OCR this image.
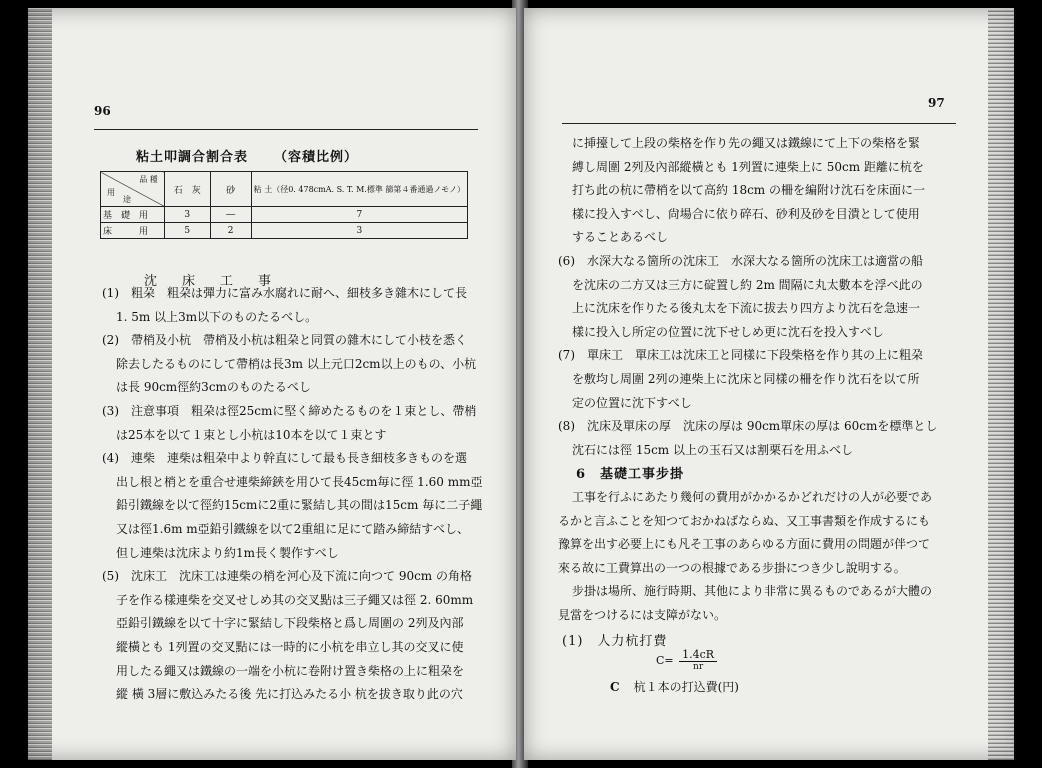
96
粘土叩調合割合表 （容積比例）
品 種
用
途	石　灰	砂	粘 土（径0. 478cmA. S. T. M.標準 篩第４番通過ノモノ）
基　礎　用	3	―	7
床　　　用	5	2	3
沈　床　工　事
(1)　粗朶　粗朶は彈力に富み水腐れに耐へ、細枝多き雜木にして長
1. 5m 以上3m以下のものたるべし。
(2)　帶梢及小杭　帶梢及小杭は粗朶と同質の雜木にして小枝を悉く
除去したるものにして帶梢は長3m 以上元口2cm以上のもの、小杭
は長 90cm徑約3cmのものたるべし
(3)　注意事項　粗朶は徑25cmに堅く締めたるものを１束とし、帶梢
は25本を以て１束とし小杭は10本を以て１束とす
(4)　連柴　連柴は粗朶中より幹直にして最も長き細枝多きものを選
出し根と梢とを重合せ連柴締鋏を用ひて長45cm毎に徑 1.60 mm亞
鉛引鐵線を以て徑約15cmに2重に緊結し其の間は15cm 毎に二子繩
又は徑1.6m m亞鉛引鐵線を以て2重組に足にて踏み締結すべし、
但し連柴は沈床より約1m長く製作すべし
(5)　沈床工　沈床工は連柴の梢を河心及下流に向つて 90cm の角格
子を作る樣連柴を交叉せしめ其の交叉點は三子繩又は徑 2. 60mm
亞鉛引鐵線を以て十字に緊結し下段柴格と爲し周圍の 2列及內部
縱橫とも 1列置の交叉點には一時的に小杭を串立し其の交叉に使
用したる繩又は鐵線の一端を小杭に卷附け置き柴格の上に粗朶を
縱 橫 3層に敷込みたる後 先に打込みたる小 杭を拔き取り此の穴
97
に挿擡して上段の柴格を作り先の繩又は鐵線にて上下の柴格を緊
縛し周圍 2列及內部縱橫とも 1列置に連柴上に 50cm 距離に杭を
打ち此の杭に帶梢を以て高約 18cm の柵を編附け沈石を床面に一
樣に投入すべし、尙場合に依り碎石、砂利及砂を目潰として使用
することあるべし
(6)　水深大なる箇所の沈床工　水深大なる箇所の沈床工は適當の船
を沈床の二方又は三方に碇置し約 2m 間隔に丸太數本を浮べ此の
上に沈床を作りたる後丸太を下流に拔去り四方より沈石を急速一
樣に投入し所定の位置に沈下せしめ更に沈石を投入すべし
(7)　單床工　單床工は沈床工と同樣に下段柴格を作り其の上に粗朶
を敷均し周圍 2列の連柴上に沈床と同樣の柵を作り沈石を以て所
定の位置に沈下すべし
(8)　沈床及單床の厚　沈床の厚は 90cm單床の厚は 60cmを標準とし
沈石には徑 15cm 以上の玉石又は割栗石を用ふべし
6　基礎工事步掛
工事を行ふにあたり幾何の費用がかかるかどれだけの人が必要であ
るかと言ふことを知つておかねばならぬ、又工事書類を作成するにも
豫算を出す必要上にも凡そ工事のあらゆる方面に費用の問題が伴つて
來る故に工費算出の一つの根據である步掛につき少し說明する。
步掛は場所、施行時期、其他により非常に異るものであるが大體の
見當をつけるには支障がない。
(1)　人力杭打費
$C= \frac{1.4cR}{nr}$
C 杭１本の打込費(円)
